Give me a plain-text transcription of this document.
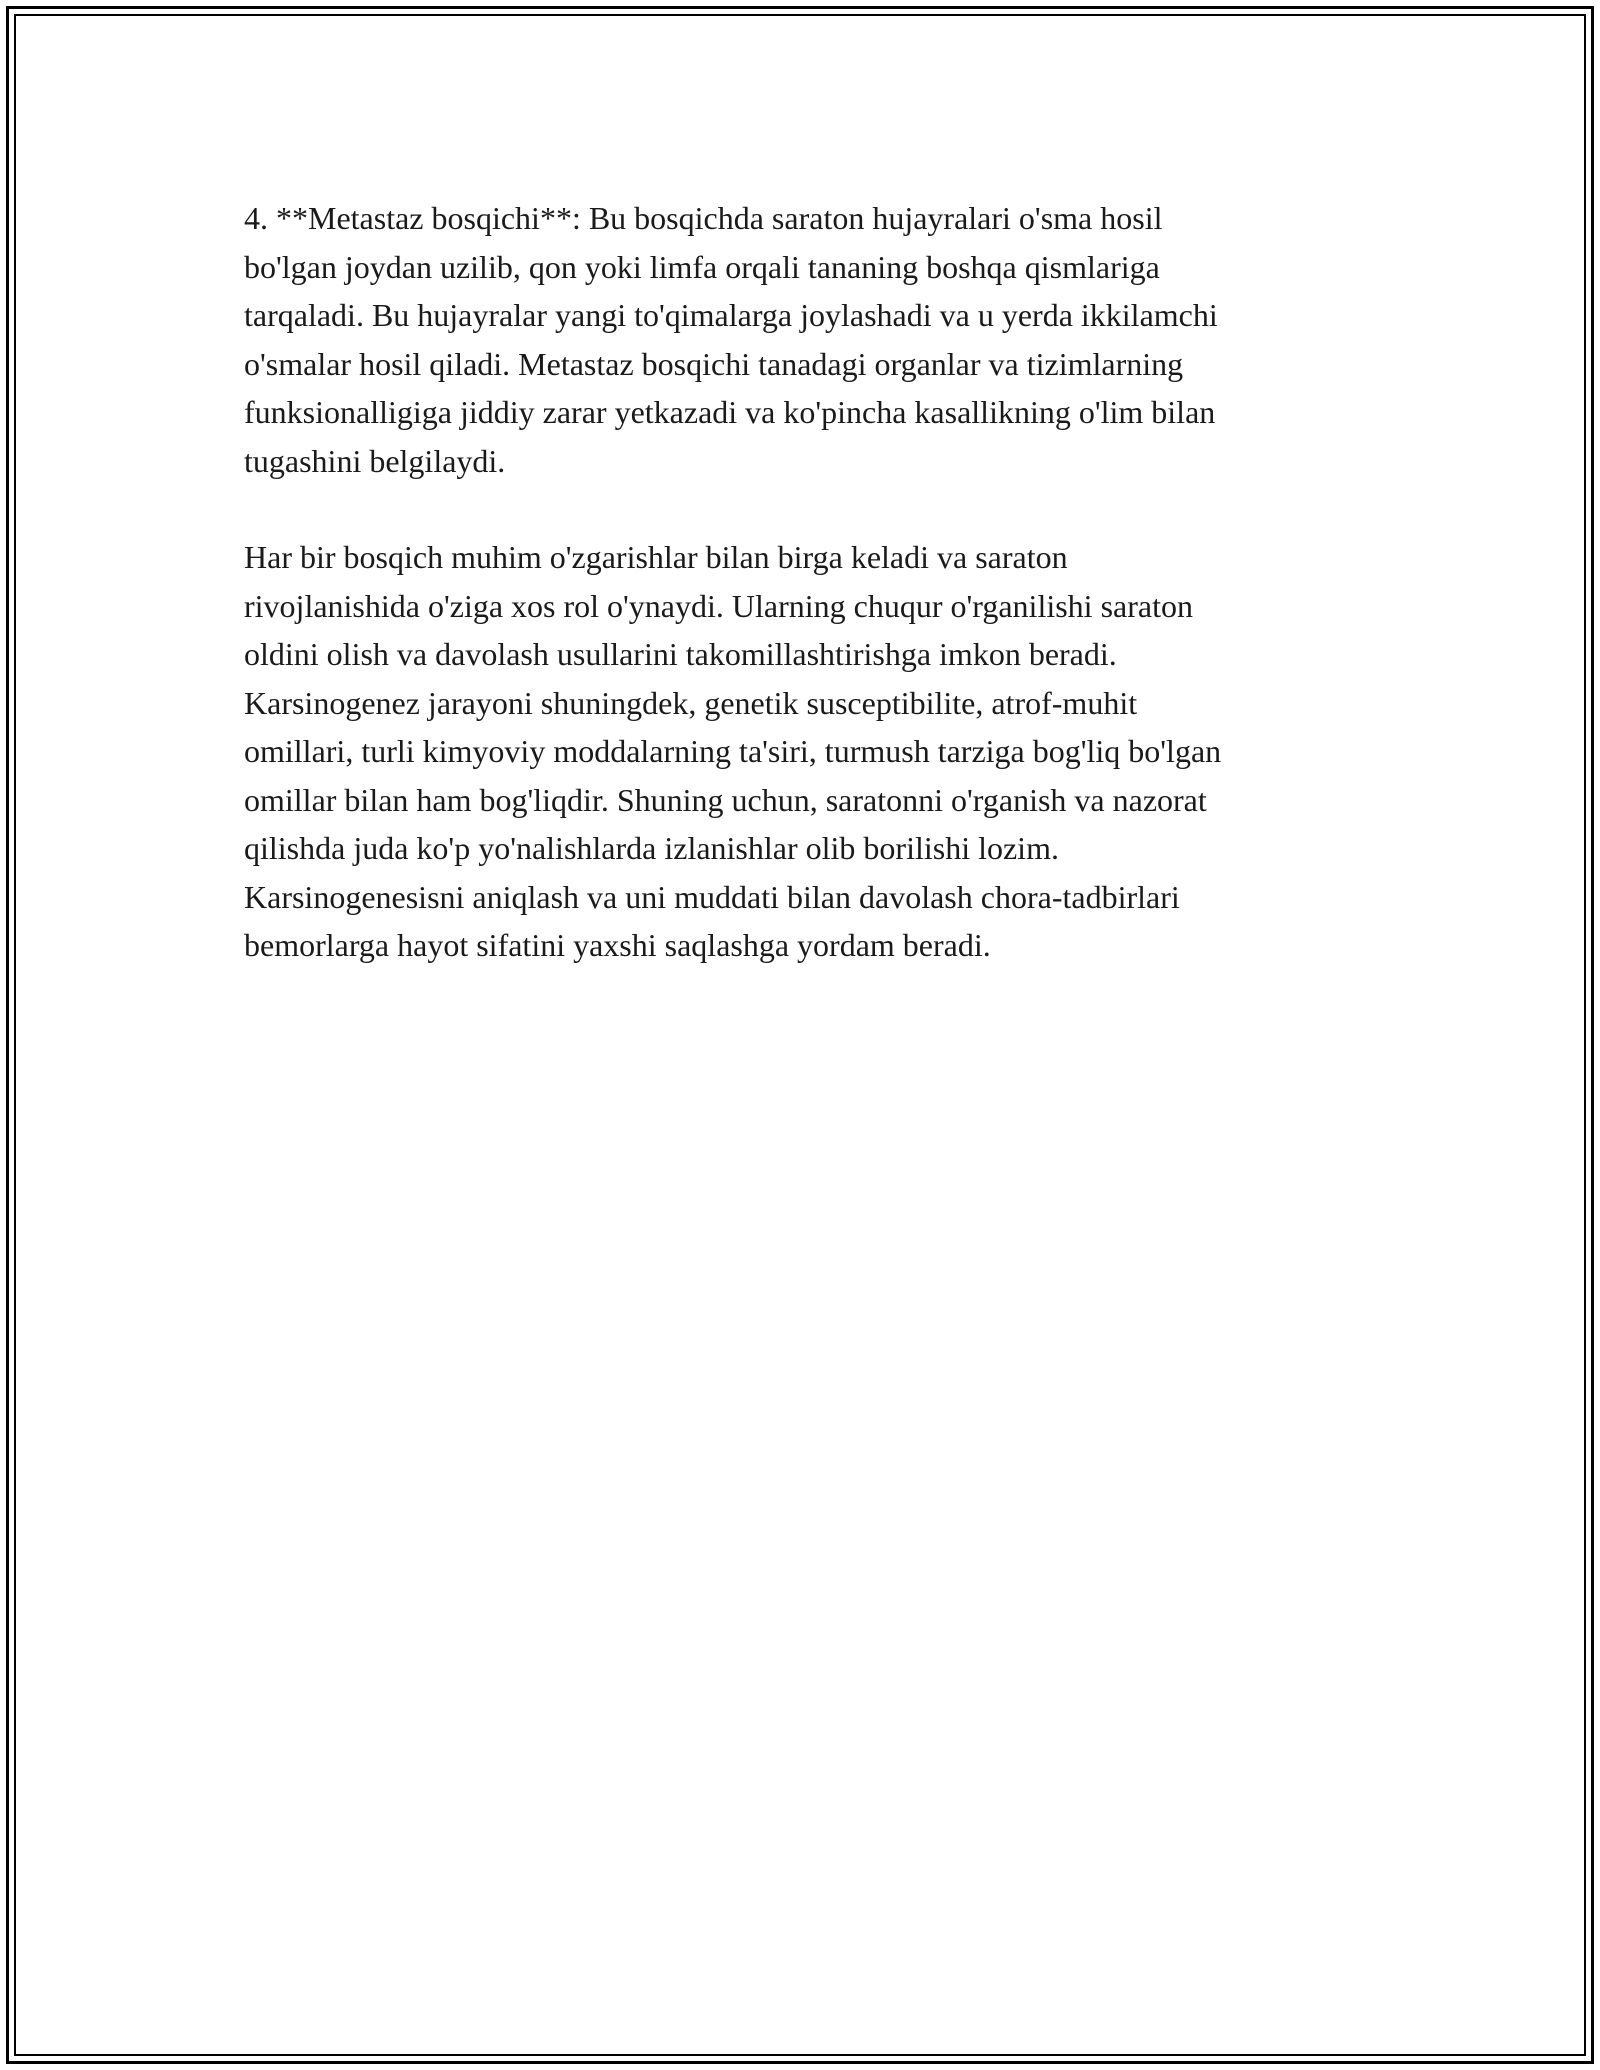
4. **Metastaz bosqichi**: Bu bosqichda saraton hujayralari o'sma hosil
bo'lgan joydan uzilib, qon yoki limfa orqali tananing boshqa qismlariga
tarqaladi. Bu hujayralar yangi to'qimalarga joylashadi va u yerda ikkilamchi
o'smalar hosil qiladi. Metastaz bosqichi tanadagi organlar va tizimlarning
funksionalligiga jiddiy zarar yetkazadi va ko'pincha kasallikning o'lim bilan
tugashini belgilaydi.

Har bir bosqich muhim o'zgarishlar bilan birga keladi va saraton
rivojlanishida o'ziga xos rol o'ynaydi. Ularning chuqur o'rganilishi saraton
oldini olish va davolash usullarini takomillashtirishga imkon beradi.
Karsinogenez jarayoni shuningdek, genetik susceptibilite, atrof-muhit
omillari, turli kimyoviy moddalarning ta'siri, turmush tarziga bog'liq bo'lgan
omillar bilan ham bog'liqdir. Shuning uchun, saratonni o'rganish va nazorat
qilishda juda ko'p yo'nalishlarda izlanishlar olib borilishi lozim.
Karsinogenesisni aniqlash va uni muddati bilan davolash chora-tadbirlari
bemorlarga hayot sifatini yaxshi saqlashga yordam beradi.
